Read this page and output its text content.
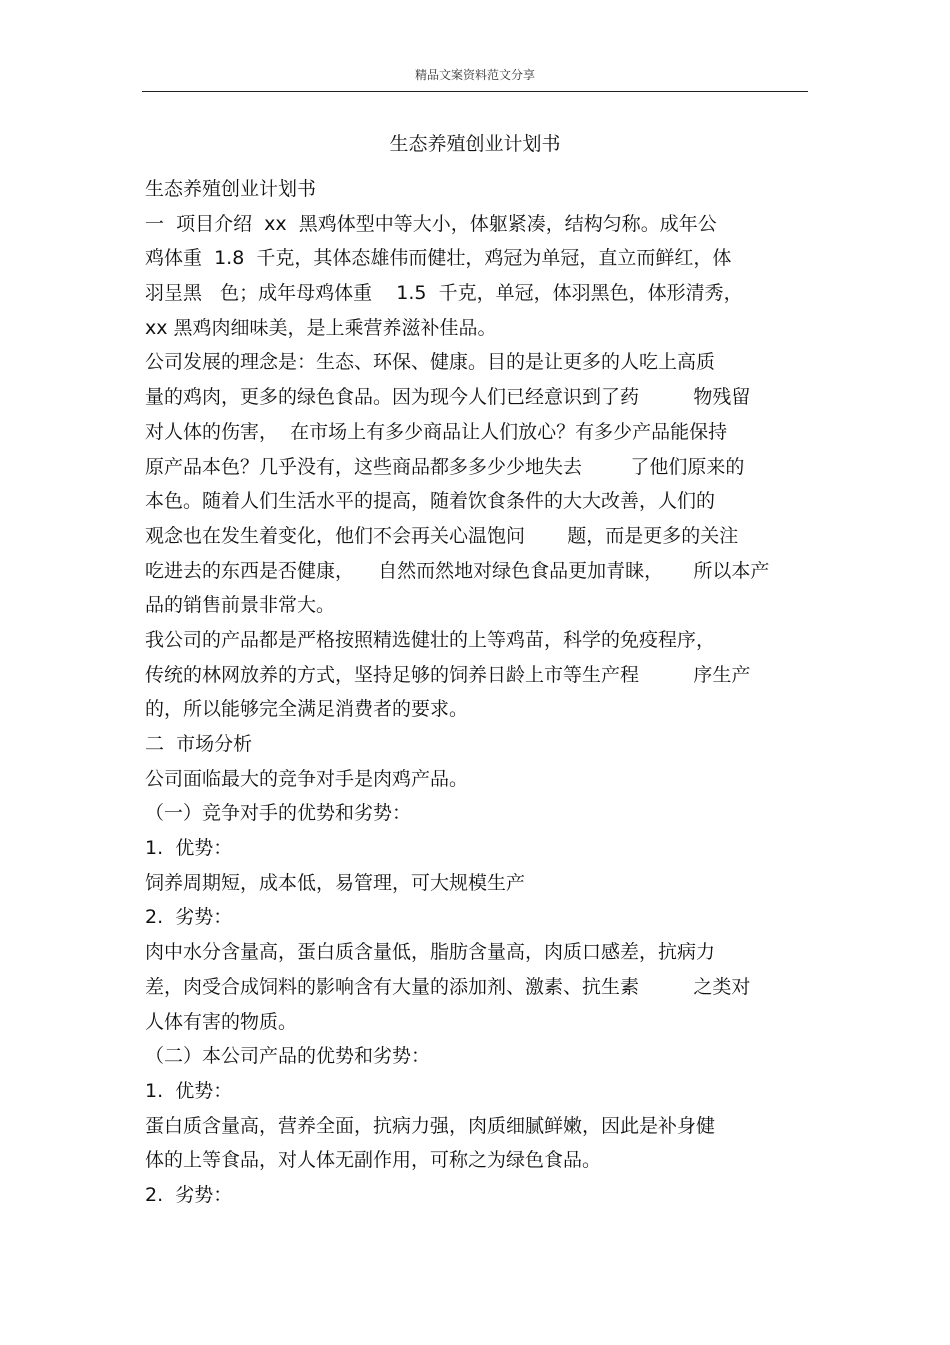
精品文案资料范文分享
生态养殖创业计划书
生态养殖创业计划书
一  项目介绍  xx  黑鸡体型中等大小，体躯紧凑，结构匀称。成年公
鸡体重  1.8  千克，其体态雄伟而健壮，鸡冠为单冠，直立而鲜红，体
羽呈黑   色；成年母鸡体重    1.5  千克，单冠，体羽黑色，体形清秀，
xx 黑鸡肉细味美，是上乘营养滋补佳品。
公司发展的理念是：生态、环保、健康。目的是让更多的人吃上高质
量的鸡肉，更多的绿色食品。因为现今人们已经意识到了药         物残留
对人体的伤害，  在市场上有多少商品让人们放心？有多少产品能保持
原产品本色？几乎没有，这些商品都多多少少地失去        了他们原来的
本色。随着人们生活水平的提高，随着饮食条件的大大改善，人们的
观念也在发生着变化，他们不会再关心温饱问       题，而是更多的关注
吃进去的东西是否健康，    自然而然地对绿色食品更加青睐，     所以本产
品的销售前景非常大。
我公司的产品都是严格按照精选健壮的上等鸡苗，科学的免疫程序，
传统的林网放养的方式，坚持足够的饲养日龄上市等生产程         序生产
的，所以能够完全满足消费者的要求。
二  市场分析
公司面临最大的竞争对手是肉鸡产品。
（一）竞争对手的优势和劣势：
1.  优势：
饲养周期短，成本低，易管理，可大规模生产
2.  劣势：
肉中水分含量高，蛋白质含量低，脂肪含量高，肉质口感差，抗病力
差，肉受合成饲料的影响含有大量的添加剂、激素、抗生素         之类对
人体有害的物质。
（二）本公司产品的优势和劣势：
1.  优势：
蛋白质含量高，营养全面，抗病力强，肉质细腻鲜嫩，因此是补身健
体的上等食品，对人体无副作用，可称之为绿色食品。
2.  劣势：
